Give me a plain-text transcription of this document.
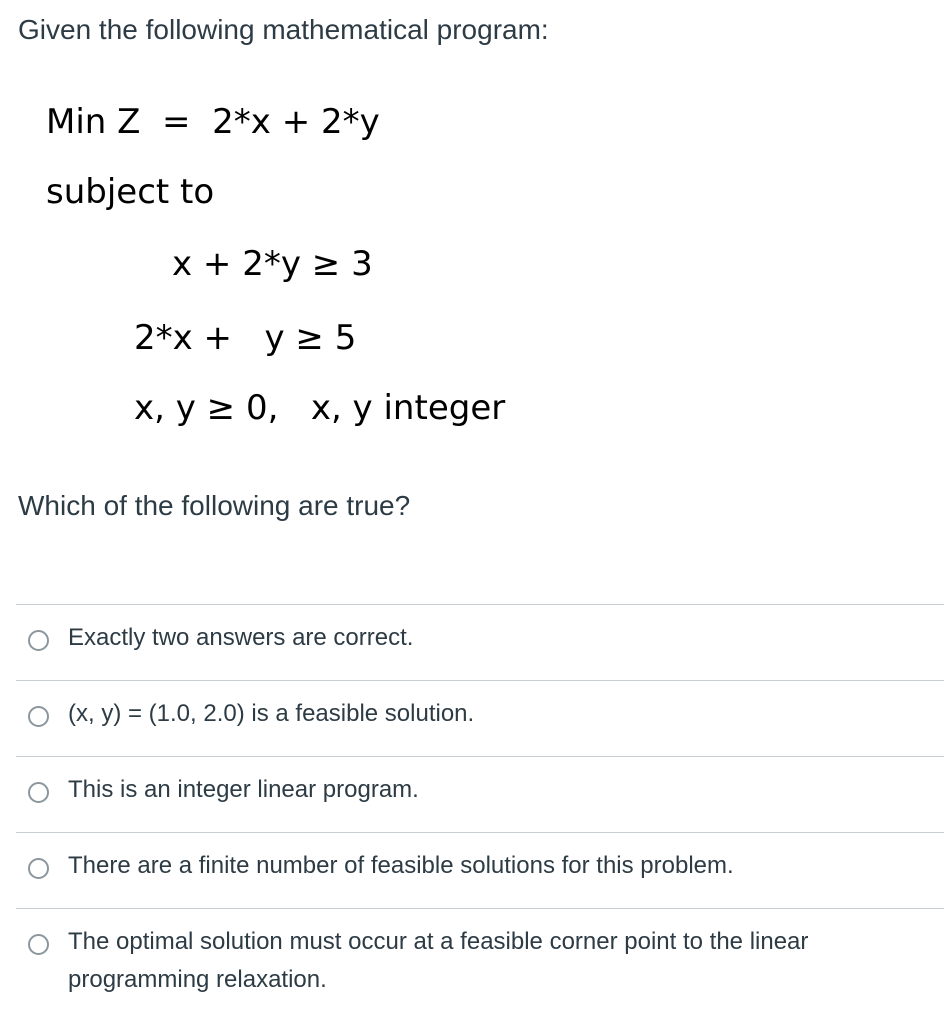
Given the following mathematical program:
Min Z  =  2*x + 2*y
subject to
x + 2*y ≥ 3
2*x +   y ≥ 5
x, y ≥ 0,   x, y integer
Which of the following are true?
Exactly two answers are correct.
(x, y) = (1.0, 2.0) is a feasible solution.
This is an integer linear program.
There are a finite number of feasible solutions for this problem.
The optimal solution must occur at a feasible corner point to the linear programming relaxation.
